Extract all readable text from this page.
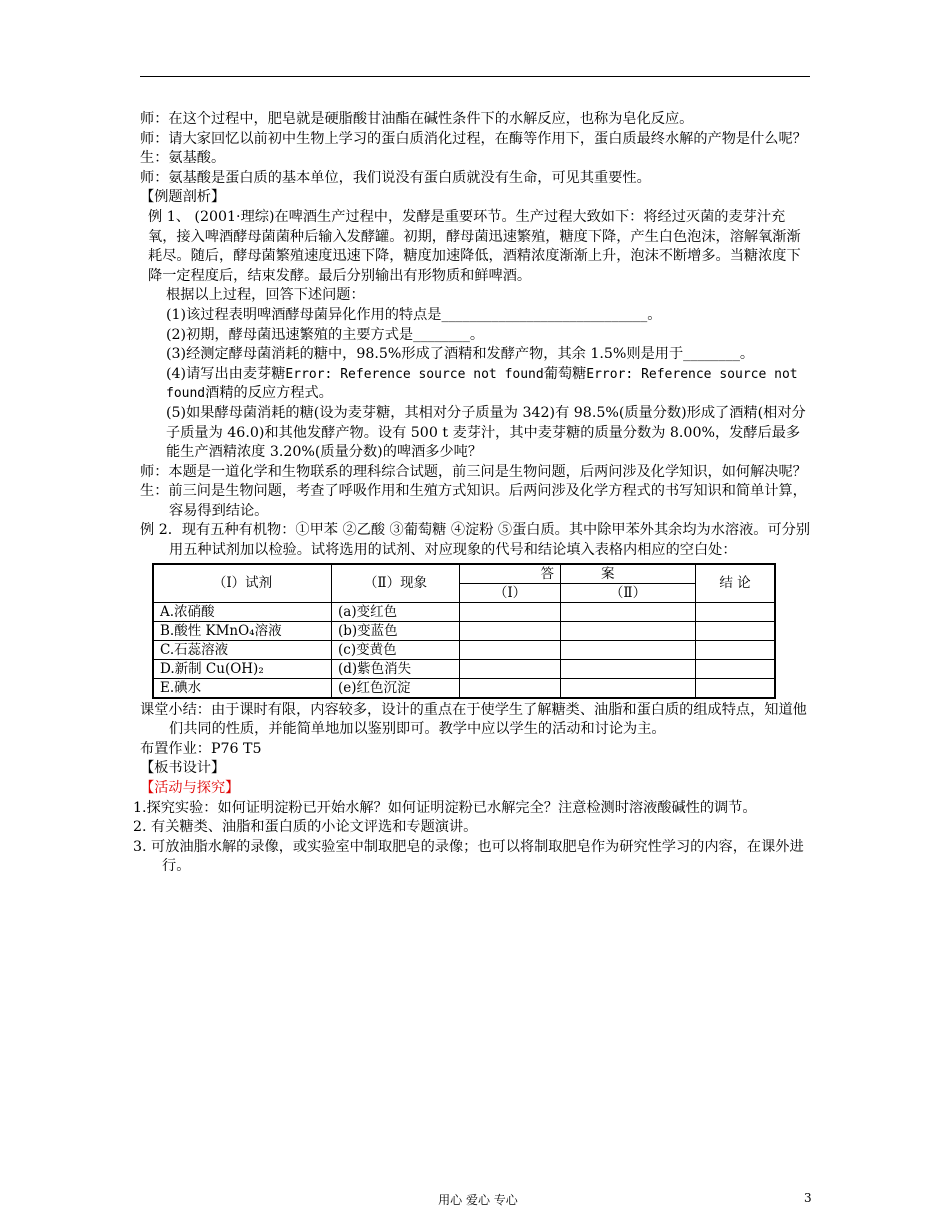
师：在这个过程中，肥皂就是硬脂酸甘油酯在碱性条件下的水解反应，也称为皂化反应。

师：请大家回忆以前初中生物上学习的蛋白质消化过程，在酶等作用下，蛋白质最终水解的产物是什么呢？

生：氨基酸。

师：氨基酸是蛋白质的基本单位，我们说没有蛋白质就没有生命，可见其重要性。

【例题剖析】

例 1、 (2001·理综)在啤酒生产过程中，发酵是重要环节。生产过程大致如下：将经过灭菌的麦芽汁充氧，接入啤酒酵母菌菌种后输入发酵罐。初期，酵母菌迅速繁殖，糖度下降，产生白色泡沫，溶解氧渐渐耗尽。随后，酵母菌繁殖速度迅速下降，糖度加速降低，酒精浓度渐渐上升，泡沫不断增多。当糖浓度下降一定程度后，结束发酵。最后分别输出有形物质和鲜啤酒。

根据以上过程，回答下述问题：

(1)该过程表明啤酒酵母菌异化作用的特点是_____________________________。

(2)初期，酵母菌迅速繁殖的主要方式是________。

(3)经测定酵母菌消耗的糖中，98.5%形成了酒精和发酵产物，其余 1.5%则是用于________。

(4)请写出由麦芽糖Error: Reference source not found葡萄糖Error: Reference source not found酒精的反应方程式。

(5)如果酵母菌消耗的糖(设为麦芽糖，其相对分子质量为 342)有 98.5%(质量分数)形成了酒精(相对分子质量为 46.0)和其他发酵产物。设有 500 t 麦芽汁，其中麦芽糖的质量分数为 8.00%，发酵后最多能生产酒精浓度 3.20%(质量分数)的啤酒多少吨？

师：本题是一道化学和生物联系的理科综合试题，前三问是生物问题，后两问涉及化学知识，如何解决呢？

生：前三问是生物问题，考查了呼吸作用和生殖方式知识。后两问涉及化学方程式的书写知识和简单计算，容易得到结论。

例 2．现有五种有机物：①甲苯 ②乙酸 ③葡萄糖 ④淀粉 ⑤蛋白质。其中除甲苯外其余均为水溶液。可分别用五种试剂加以检验。试将选用的试剂、对应现象的代号和结论填入表格内相应的空白处：

（Ⅰ）试剂	（Ⅱ）现象	答	案	结 论
		（Ⅰ）	（Ⅱ）	
A.浓硝酸	(a)变红色			
B.酸性 KMnO₄溶液	(b)变蓝色			
C.石蕊溶液	(c)变黄色			
D.新制 Cu(OH)₂	(d)紫色消失			
E.碘水	(e)红色沉淀			

课堂小结：由于课时有限，内容较多，设计的重点在于使学生了解糖类、油脂和蛋白质的组成特点，知道他们共同的性质，并能简单地加以鉴别即可。教学中应以学生的活动和讨论为主。

布置作业：P76 T5

【板书设计】

【活动与探究】

1.探究实验：如何证明淀粉已开始水解？如何证明淀粉已水解完全？注意检测时溶液酸碱性的调节。

2. 有关糖类、油脂和蛋白质的小论文评选和专题演讲。

3. 可放油脂水解的录像，或实验室中制取肥皂的录像；也可以将制取肥皂作为研究性学习的内容，在课外进行。

用心 爱心 专心	3
